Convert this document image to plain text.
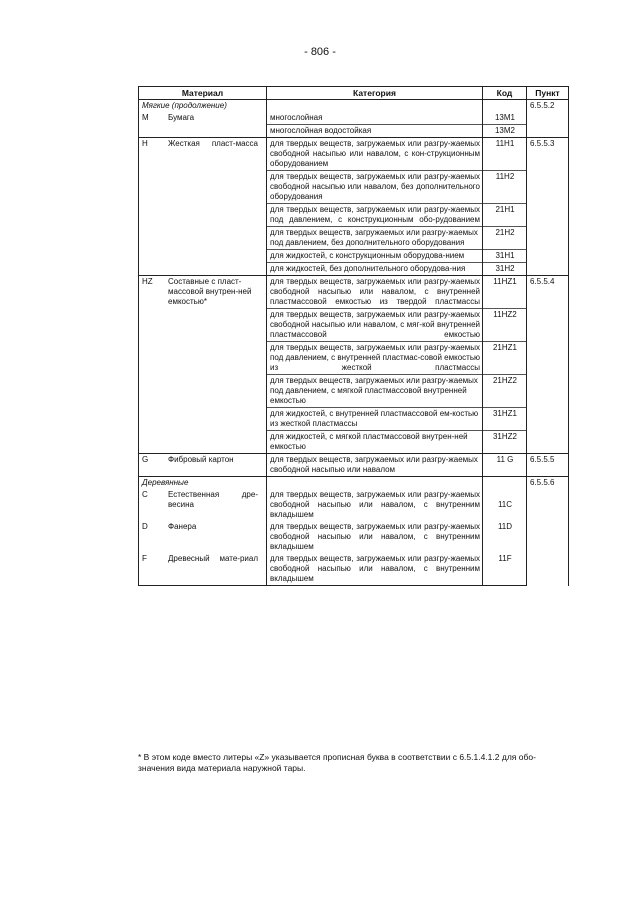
- 806 -
Материал	Категория	Код	Пункт
Мягкие (продолжение)			6.5.5.2
M Бумага	многослойная	13M1	
	многослойная водостойкая	13M2	
H Жесткая пласт-масса	для твердых веществ, загружаемых или разгру-жаемых свободной насыпью или навалом, с кон-струкционным оборудованием	11H1	6.5.5.3
	для твердых веществ, загружаемых или разгру-жаемых свободной насыпью или навалом, без дополнительного оборудования	11H2	
	для твердых веществ, загружаемых или разгру-жаемых под давлением, с конструкционным обо-рудованием	21H1	
	для твердых веществ, загружаемых или разгру-жаемых под давлением, без дополнительного оборудования	21H2	
	для жидкостей, с конструкционным оборудова-нием	31H1	
	для жидкостей, без дополнительного оборудова-ния	31H2	
HZ Составные с пласт-массовой внутрен-ней емкостью*	для твердых веществ, загружаемых или разгру-жаемых свободной насыпью или навалом, с внутренней пластмассовой емкостью из твердой пластмассы	11HZ1	6.5.5.4
	для твердых веществ, загружаемых или разгру-жаемых свободной насыпью или навалом, с мяг-кой внутренней пластмассовой емкостью	11HZ2	
	для твердых веществ, загружаемых или разгру-жаемых под давлением, с внутренней пластмас-совой емкостью из жесткой пластмассы	21HZ1	
	для твердых веществ, загружаемых или разгру-жаемых под давлением, с мягкой пластмассовой внутренней емкостью	21HZ2	
	для жидкостей, с внутренней пластмассовой ем-костью из жесткой пластмассы	31HZ1	
	для жидкостей, с мягкой пластмассовой внутрен-ней емкостью	31HZ2	
G Фибровый картон	для твердых веществ, загружаемых или разгру-жаемых свободной насыпью или навалом	11 G	6.5.5.5
Деревянные			6.5.5.6
C Естественная дре-весина	для твердых веществ, загружаемых или разгру-жаемых свободной насыпью или навалом, с внутренним вкладышем	11C	
D Фанера	для твердых веществ, загружаемых или разгру-жаемых свободной насыпью или навалом, с внутренним вкладышем	11D	
F Древесный мате-риал	для твердых веществ, загружаемых или разгру-жаемых свободной насыпью или навалом, с внутренним вкладышем	11F	
* В этом коде вместо литеры «Z» указывается прописная буква в соответствии с 6.5.1.4.1.2 для обо-значения вида материала наружной тары.
